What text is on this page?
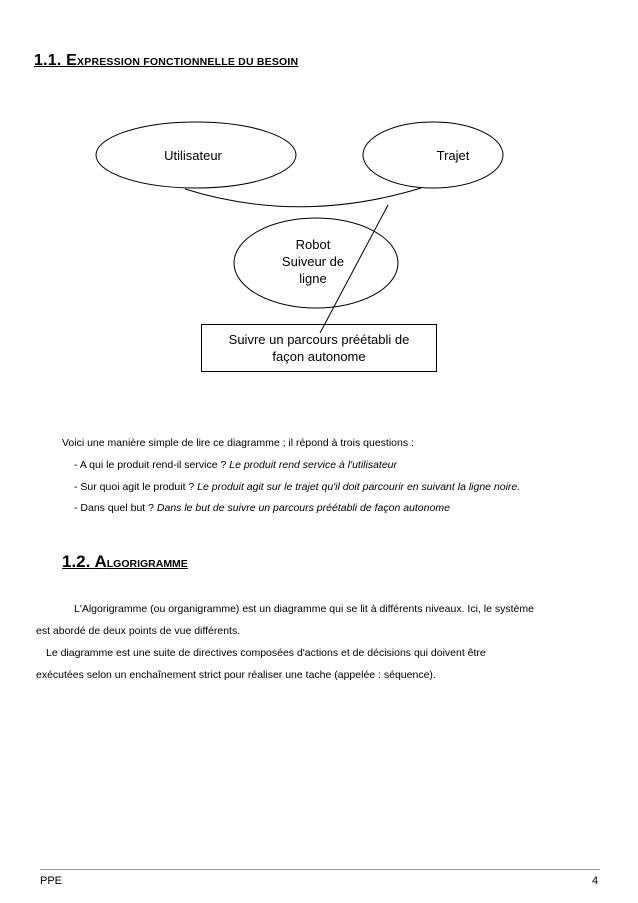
1.1. EXPRESSION FONCTIONNELLE DU BESOIN
Utilisateur	Trajet
Robot
Suiveur de
ligne
Suivre un parcours préétabli de
façon autonome
Voici une manière simple de lire ce diagramme ; il répond à trois questions :
- A qui le produit rend-il service ? Le produit rend service à l'utilisateur
- Sur quoi agit le produit ? Le produit agit sur le trajet qu'il doit parcourir en suivant la ligne noire.
- Dans quel but ? Dans le but de suivre un parcours préétabli de façon autonome
1.2. ALGORIGRAMME
L'Algorigramme (ou organigramme) est un diagramme qui se lit à différents niveaux. Ici, le système
est abordé de deux points de vue différents.
Le diagramme est une suite de directives composées d'actions et de décisions qui doivent être
exécutées selon un enchaînement strict pour réaliser une tache (appelée : séquence).
PPE	4
